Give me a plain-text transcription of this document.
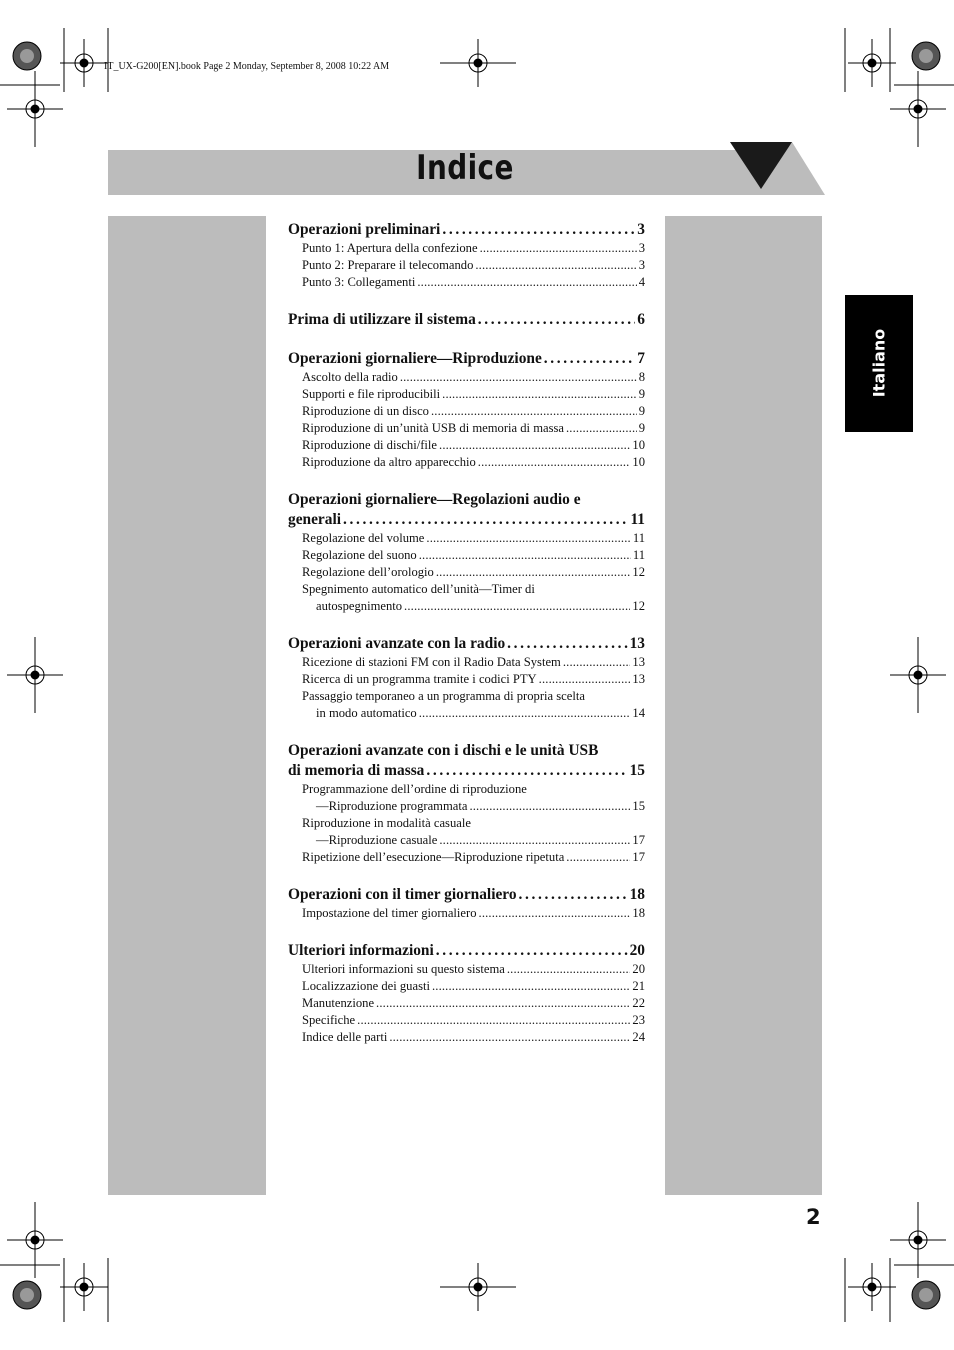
IT_UX-G200[EN].book Page 2 Monday, September 8, 2008 10:22 AM
Indice
Italiano
Operazioni preliminari . . .	3
Punto 1: Apertura della confezione . . .	3
Punto 2: Preparare il telecomando . . .	3
Punto 3: Collegamenti . . .	4
Prima di utilizzare il sistema . . .	6
Operazioni giornaliere—Riproduzione . . .	7
Ascolto della radio . . .	8
Supporti e file riproducibili . . .	9
Riproduzione di un disco . . .	9
Riproduzione di un’unità USB di memoria di massa . . .	9
Riproduzione di dischi/file . . .	10
Riproduzione da altro apparecchio . . .	10
Operazioni giornaliere—Regolazioni audio e
generali . . .	11
Regolazione del volume . . .	11
Regolazione del suono . . .	11
Regolazione dell’orologio . . .	12
Spegnimento automatico dell’unità—Timer di
autospegnimento . . .	12
Operazioni avanzate con la radio . . .	13
Ricezione di stazioni FM con il Radio Data System . . .	13
Ricerca di un programma tramite i codici PTY . . .	13
Passaggio temporaneo a un programma di propria scelta
in modo automatico . . .	14
Operazioni avanzate con i dischi e le unità USB
di memoria di massa . . .	15
Programmazione dell’ordine di riproduzione
—Riproduzione programmata . . .	15
Riproduzione in modalità casuale
—Riproduzione casuale . . .	17
Ripetizione dell’esecuzione—Riproduzione ripetuta . . .	17
Operazioni con il timer giornaliero . . .	18
Impostazione del timer giornaliero . . .	18
Ulteriori informazioni . . .	20
Ulteriori informazioni su questo sistema . . .	20
Localizzazione dei guasti . . .	21
Manutenzione . . .	22
Specifiche . . .	23
Indice delle parti . . .	24
2
